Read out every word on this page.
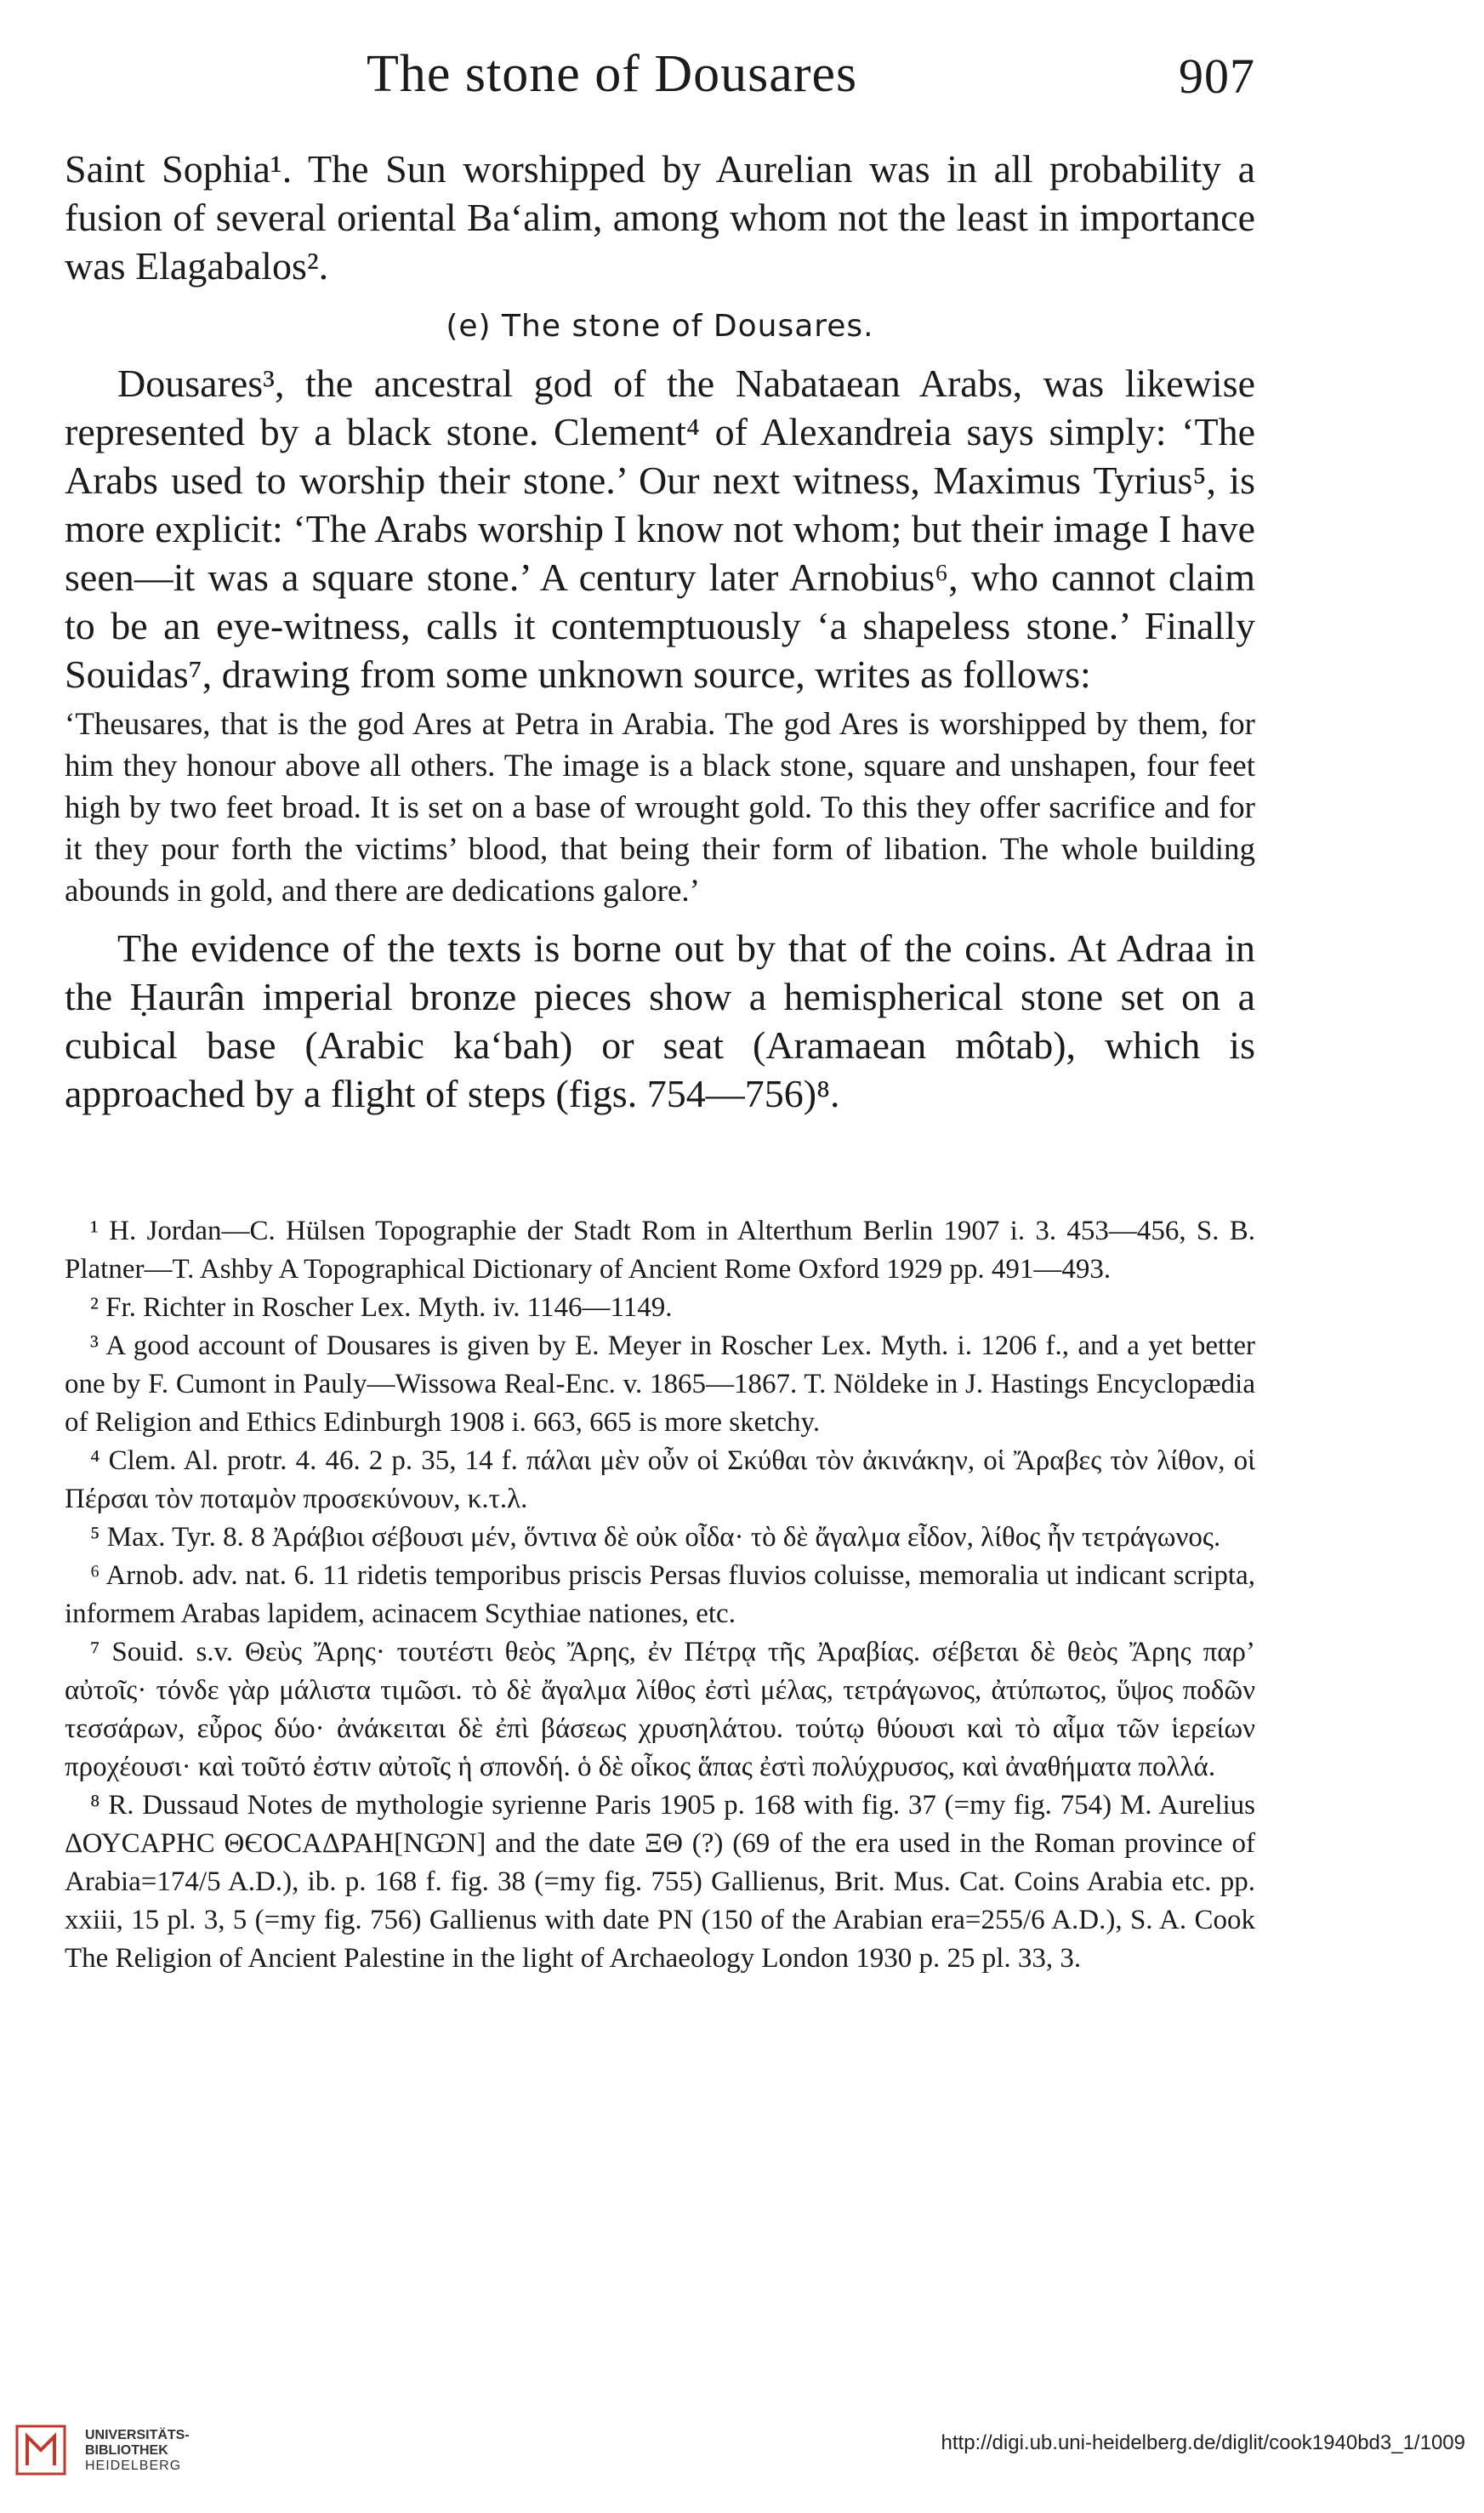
The stone of Dousares	907

Saint Sophia¹. The Sun worshipped by Aurelian was in all probability a fusion of several oriental Ba‘alim, among whom not the least in importance was Elagabalos².

(e) The stone of Dousares.

Dousares³, the ancestral god of the Nabataean Arabs, was likewise represented by a black stone. Clement⁴ of Alexandreia says simply: ‘The Arabs used to worship their stone.’ Our next witness, Maximus Tyrius⁵, is more explicit: ‘The Arabs worship I know not whom; but their image I have seen—it was a square stone.’ A century later Arnobius⁶, who cannot claim to be an eye-witness, calls it contemptuously ‘a shapeless stone.’ Finally Souidas⁷, drawing from some unknown source, writes as follows:

‘Theusares, that is the god Ares at Petra in Arabia. The god Ares is worshipped by them, for him they honour above all others. The image is a black stone, square and unshapen, four feet high by two feet broad. It is set on a base of wrought gold. To this they offer sacrifice and for it they pour forth the victims’ blood, that being their form of libation. The whole building abounds in gold, and there are dedications galore.’

The evidence of the texts is borne out by that of the coins. At Adraa in the Ḥaurân imperial bronze pieces show a hemispherical stone set on a cubical base (Arabic ka‘bah) or seat (Aramaean môtab), which is approached by a flight of steps (figs. 754—756)⁸.

¹ H. Jordan—C. Hülsen Topographie der Stadt Rom in Alterthum Berlin 1907 i. 3. 453—456, S. B. Platner—T. Ashby A Topographical Dictionary of Ancient Rome Oxford 1929 pp. 491—493.

² Fr. Richter in Roscher Lex. Myth. iv. 1146—1149.

³ A good account of Dousares is given by E. Meyer in Roscher Lex. Myth. i. 1206 f., and a yet better one by F. Cumont in Pauly—Wissowa Real-Enc. v. 1865—1867. T. Nöldeke in J. Hastings Encyclopædia of Religion and Ethics Edinburgh 1908 i. 663, 665 is more sketchy.

⁴ Clem. Al. protr. 4. 46. 2 p. 35, 14 f. πάλαι μὲν οὖν οἱ Σκύθαι τὸν ἀκινάκην, οἱ Ἄραβες τὸν λίθον, οἱ Πέρσαι τὸν ποταμὸν προσεκύνουν, κ.τ.λ.

⁵ Max. Tyr. 8. 8 Ἀράβιοι σέβουσι μέν, ὅντινα δὲ οὐκ οἶδα· τὸ δὲ ἄγαλμα εἶδον, λίθος ἦν τετράγωνος.

⁶ Arnob. adv. nat. 6. 11 ridetis temporibus priscis Persas fluvios coluisse, memoralia ut indicant scripta, informem Arabas lapidem, acinacem Scythiae nationes, etc.

⁷ Souid. s.v. Θεὺς Ἄρης· τουτέστι θεὸς Ἄρης, ἐν Πέτρᾳ τῆς Ἀραβίας. σέβεται δὲ θεὸς Ἄρης παρ’ αὐτοῖς· τόνδε γὰρ μάλιστα τιμῶσι. τὸ δὲ ἄγαλμα λίθος ἐστὶ μέλας, τετράγωνος, ἀτύπωτος, ὕψος ποδῶν τεσσάρων, εὖρος δύο· ἀνάκειται δὲ ἐπὶ βάσεως χρυσηλάτου. τούτῳ θύουσι καὶ τὸ αἷμα τῶν ἱερείων προχέουσι· καὶ τοῦτό ἐστιν αὐτοῖς ἡ σπονδή. ὁ δὲ οἶκος ἅπας ἐστὶ πολύχρυσος, καὶ ἀναθήματα πολλά.

⁸ R. Dussaud Notes de mythologie syrienne Paris 1905 p. 168 with fig. 37 (=my fig. 754) M. Aurelius ΔΟΥCΑΡΗC ΘЄΟCΑΔΡΑΗ[ΝѠΝ] and the date ΞΘ (?) (69 of the era used in the Roman province of Arabia=174/5 A.D.), ib. p. 168 f. fig. 38 (=my fig. 755) Gallienus, Brit. Mus. Cat. Coins Arabia etc. pp. xxiii, 15 pl. 3, 5 (=my fig. 756) Gallienus with date PN (150 of the Arabian era=255/6 A.D.), S. A. Cook The Religion of Ancient Palestine in the light of Archaeology London 1930 p. 25 pl. 33, 3.

UNIVERSITÄTS-
BIBLIOTHEK
HEIDELBERG
http://digi.ub.uni-heidelberg.de/diglit/cook1940bd3_1/1009
